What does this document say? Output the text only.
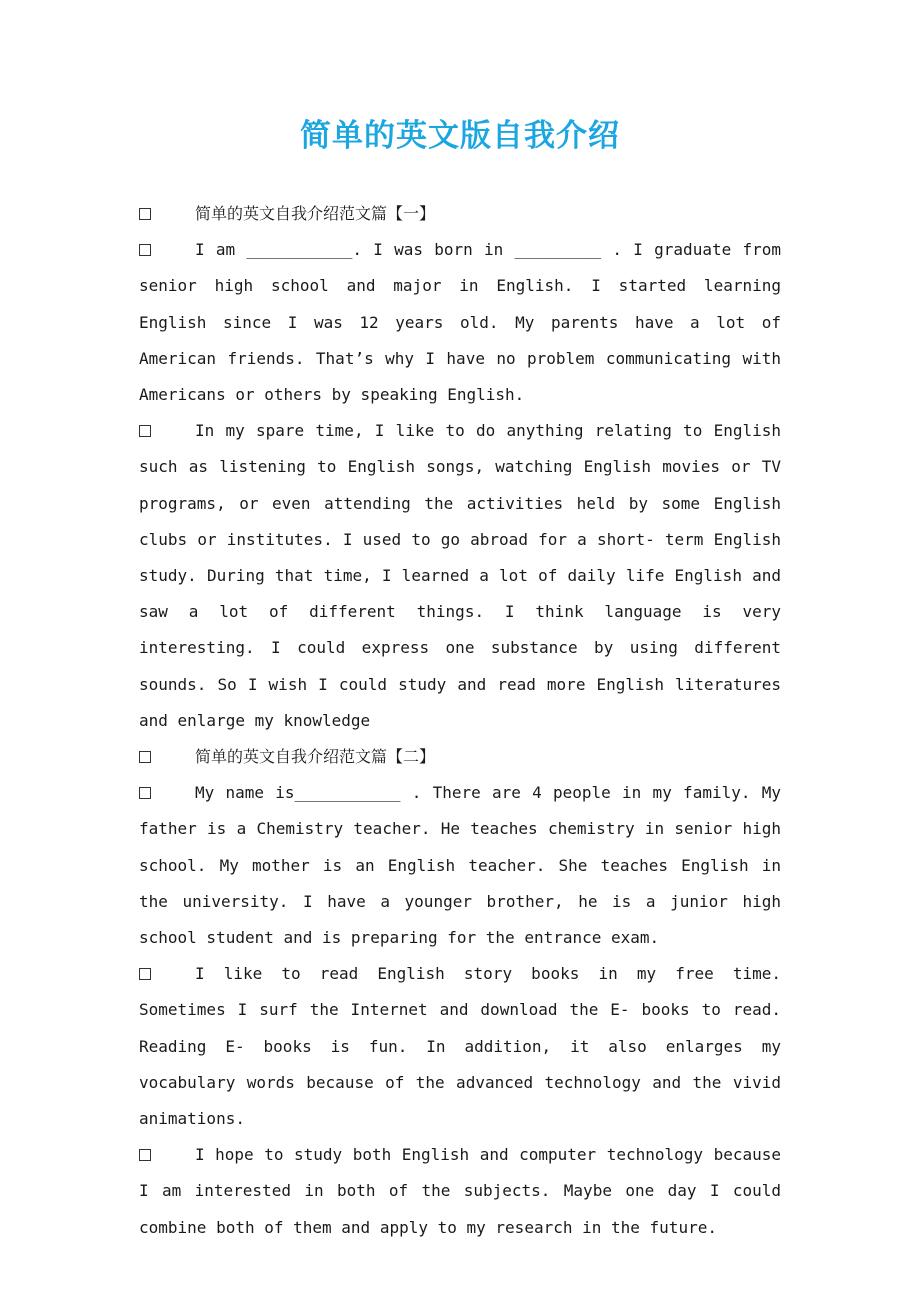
简单的英文版自我介绍

简单的英文自我介绍范文篇【一】

I am ___________. I was born in _________ . I graduate from senior high school and major in English. I started learning English since I was 12 years old. My parents have a lot of American friends. That’s why I have no problem communicating with Americans or others by speaking English.

In my spare time, I like to do anything relating to English such as listening to English songs, watching English movies or TV programs, or even attending the activities held by some English clubs or institutes. I used to go abroad for a short- term English study. During that time, I learned a lot of daily life English and saw a lot of different things. I think language is very interesting. I could express one substance by using different sounds. So I wish I could study and read more English literatures and enlarge my knowledge

简单的英文自我介绍范文篇【二】

My name is___________ . There are 4 people in my family. My father is a Chemistry teacher. He teaches chemistry in senior high school. My mother is an English teacher. She teaches English in the university. I have a younger brother, he is a junior high school student and is preparing for the entrance exam.

I like to read English story books in my free time. Sometimes I surf the Internet and download the E- books to read. Reading E- books is fun. In addition, it also enlarges my vocabulary words because of the advanced technology and the vivid animations.

I hope to study both English and computer technology because I am interested in both of the subjects. Maybe one day I could combine both of them and apply to my research in the future.
